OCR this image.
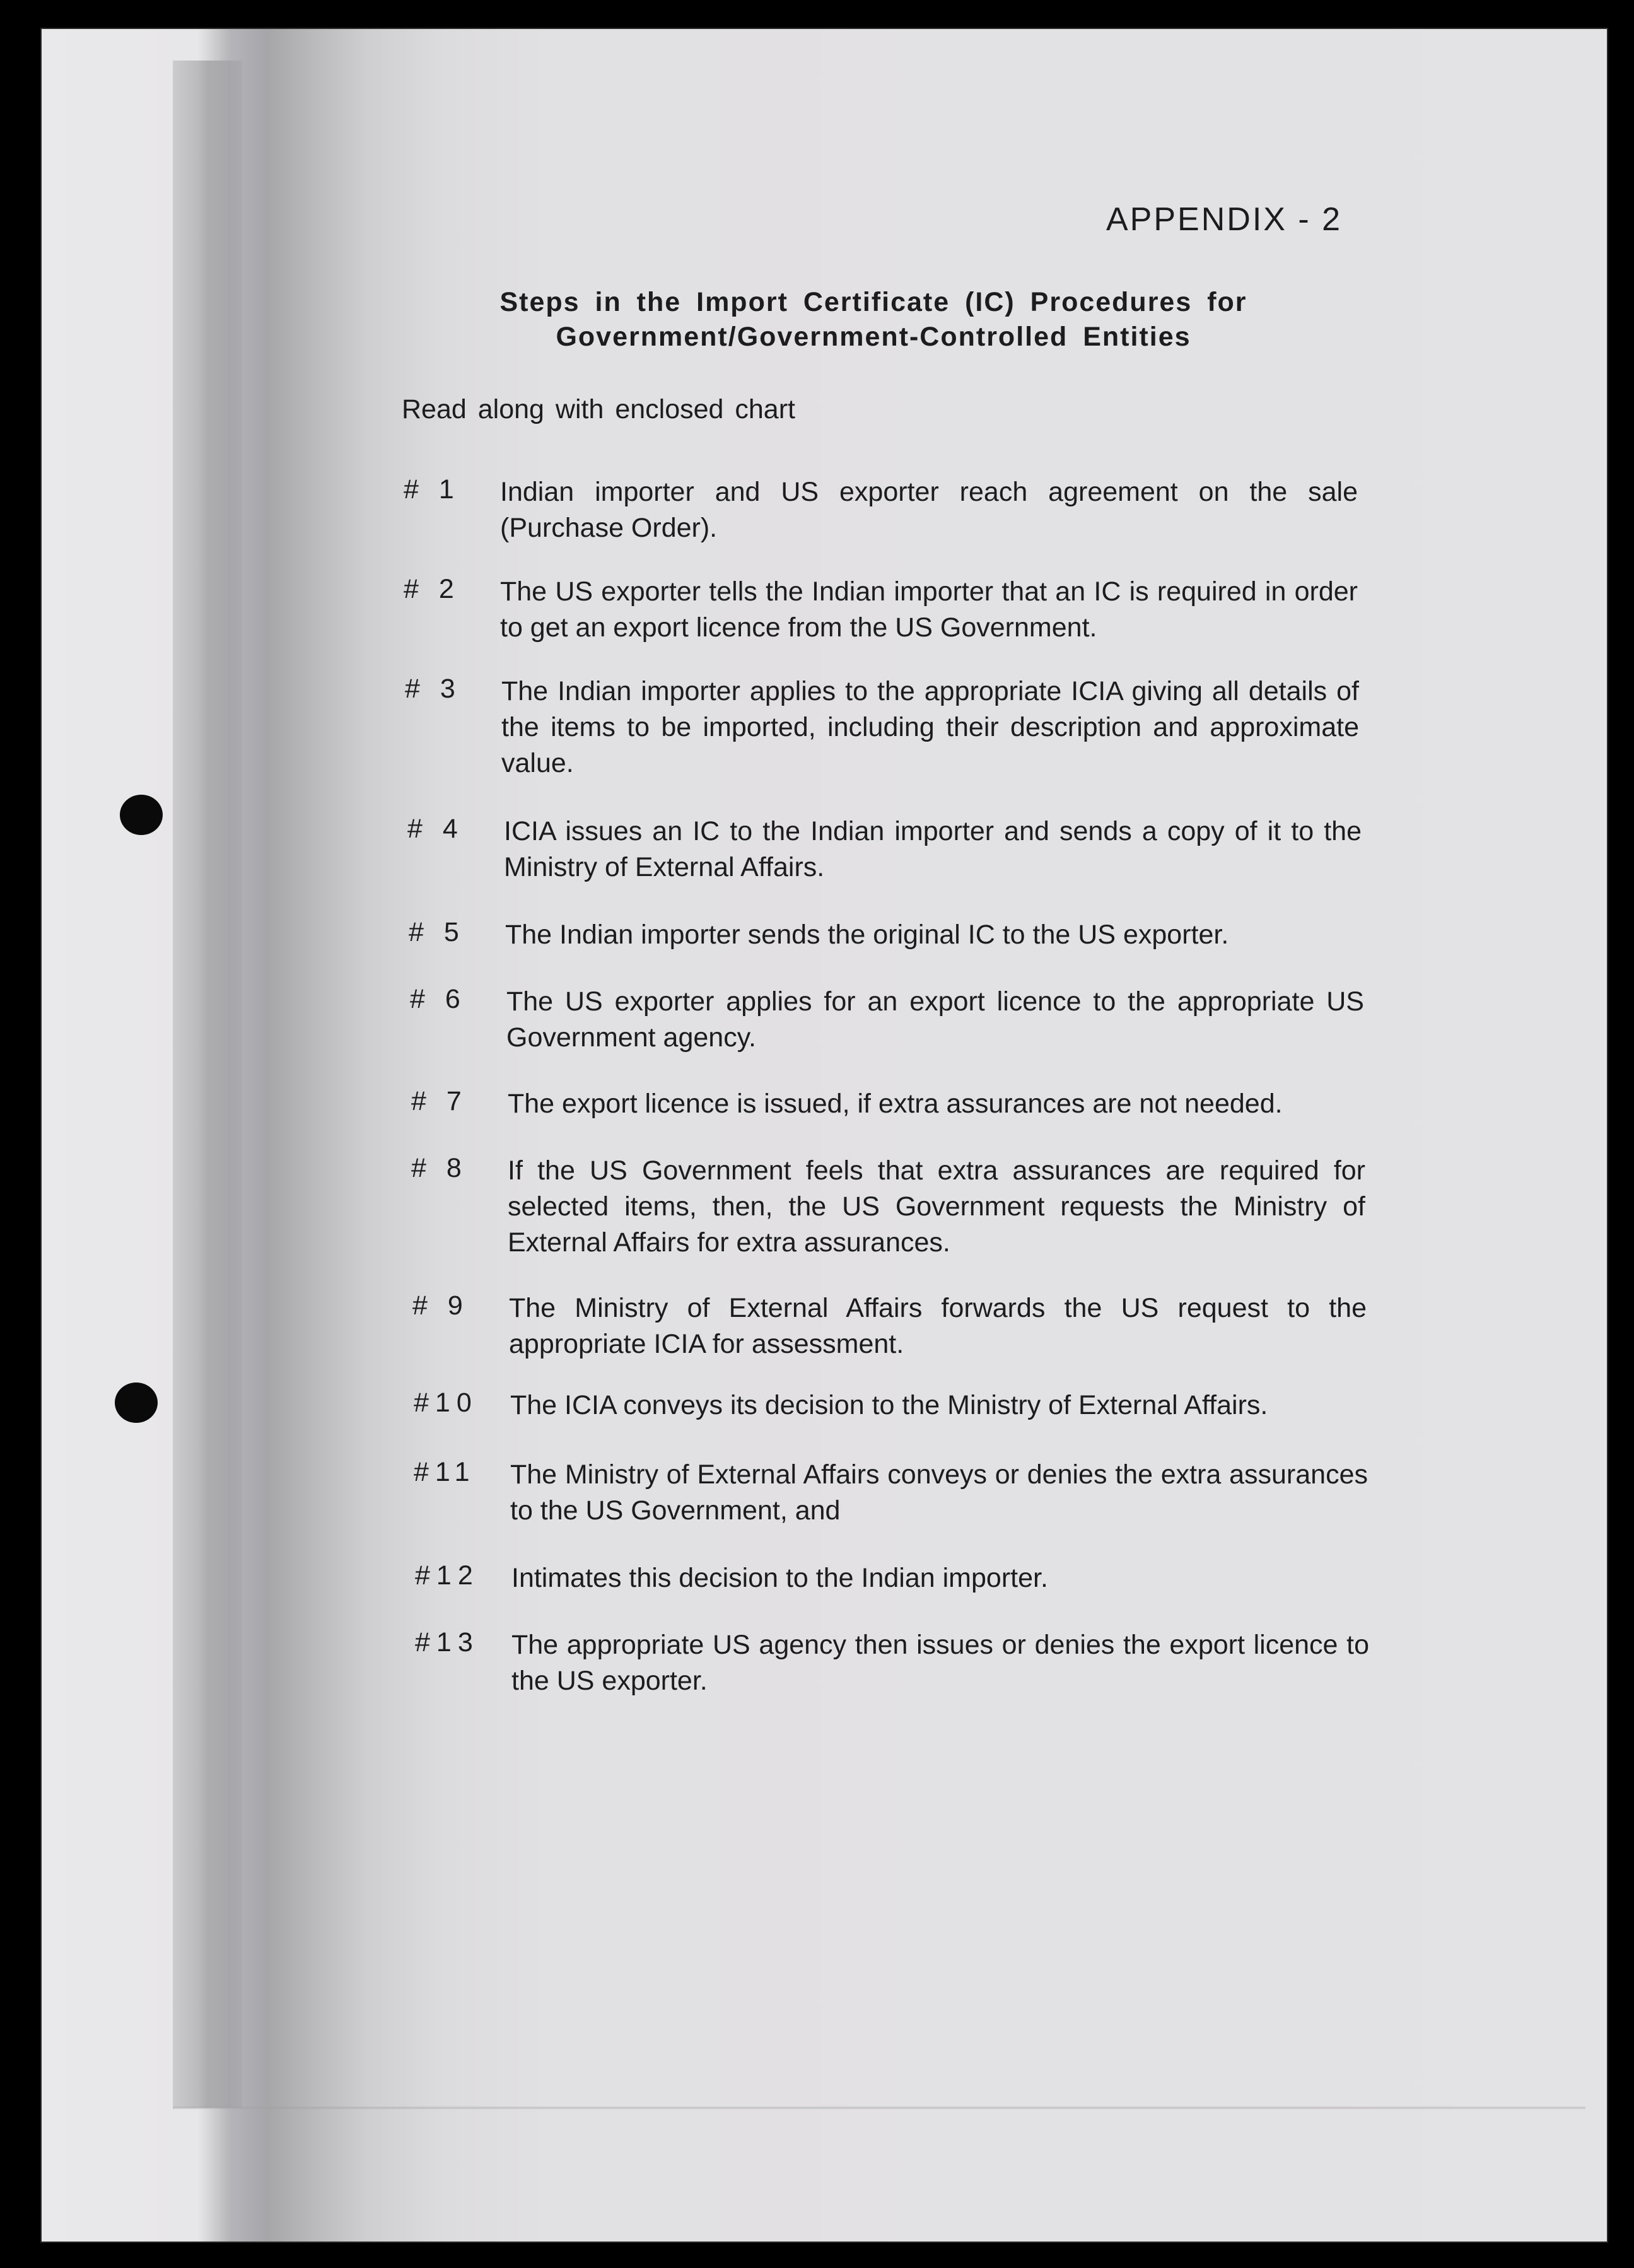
APPENDIX - 2
Steps in the Import Certificate (IC) Procedures for
Government/Government-Controlled Entities
Read along with enclosed chart
# 1 Indian importer and US exporter reach agreement on the sale (Purchase Order).
# 2 The US exporter tells the Indian importer that an IC is required in order to get an export licence from the US Government.
# 3 The Indian importer applies to the appropriate ICIA giving all details of the items to be imported, including their description and approximate value.
# 4 ICIA issues an IC to the Indian importer and sends a copy of it to the Ministry of External Affairs.
# 5 The Indian importer sends the original IC to the US exporter.
# 6 The US exporter applies for an export licence to the appropriate US Government agency.
# 7 The export licence is issued, if extra assurances are not needed.
# 8 If the US Government feels that extra assurances are required for selected items, then, the US Government requests the Ministry of External Affairs for extra assurances.
# 9 The Ministry of External Affairs forwards the US request to the appropriate ICIA for assessment.
#10 The ICIA conveys its decision to the Ministry of External Affairs.
#11 The Ministry of External Affairs conveys or denies the extra assurances to the US Government, and
#12 Intimates this decision to the Indian importer.
#13 The appropriate US agency then issues or denies the export licence to the US exporter.
